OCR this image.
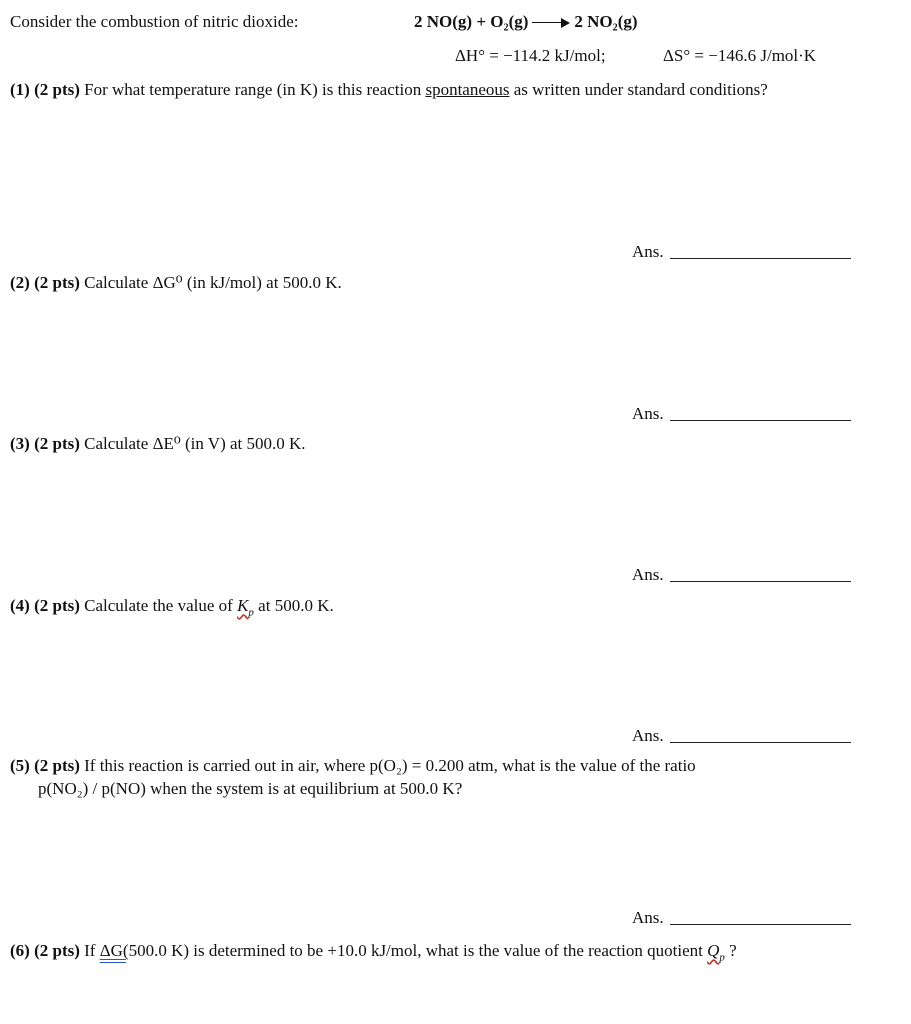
Consider the combustion of nitric dioxide:	2 NO(g) + O₂(g)	2 NO₂(g)
ΔH° = −114.2 kJ/mol;	ΔS° = −146.6 J/mol·K
(1) (2 pts) For what temperature range (in K) is this reaction spontaneous as written under standard conditions?
Ans.
(2) (2 pts) Calculate ΔG⁰ (in kJ/mol) at 500.0 K.
Ans.
(3) (2 pts) Calculate ΔE⁰ (in V) at 500.0 K.
Ans.
(4) (2 pts) Calculate the value of $K_p$ at 500.0 K.
Ans.
(5) (2 pts) If this reaction is carried out in air, where p(O₂) = 0.200 atm, what is the value of the ratio
p(NO₂) / p(NO) when the system is at equilibrium at 500.0 K?
Ans.
(6) (2 pts) If ΔG(500.0 K) is determined to be +10.0 kJ/mol, what is the value of the reaction quotient $Q_p$ ?
